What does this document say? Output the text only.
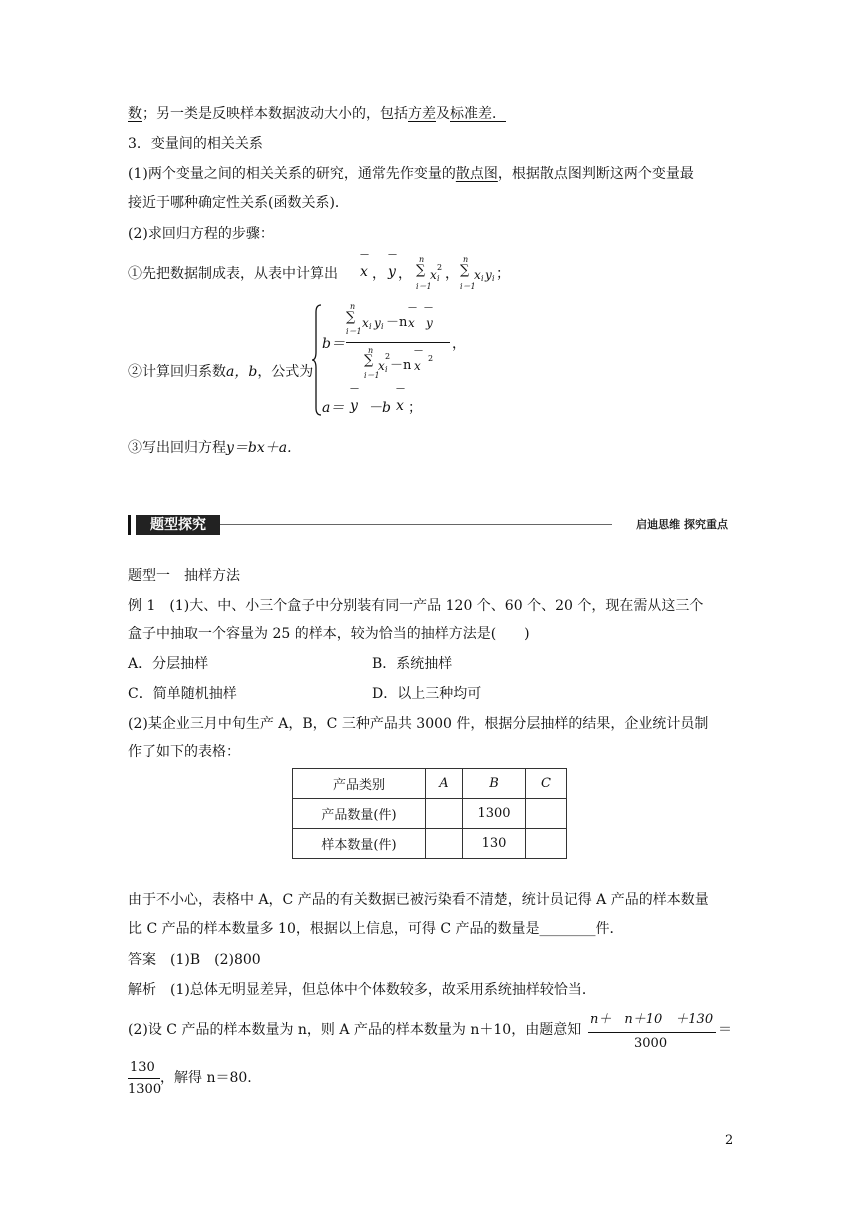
数；另一类是反映样本数据波动大小的，包括方差及标准差．
3．变量间的相关关系
(1)两个变量之间的相关关系的研究，通常先作变量的散点图，根据散点图判断这两个变量最
接近于哪种确定性关系(函数关系)．
(2)求回归方程的步骤：
①先把数据制成表，从表中计算出
—
x ，
—
y ，
n
∑
i＝1
x
2
i ，
n
∑
i＝1
x i y i ；
②计算回归系数a，b，公式为
b＝
n
∑
i＝1
x i y i －n
—
x
—
y
n
∑
i＝1
x
2
i －n
—
x
2
，
a＝
—
y －b
—
x ；
③写出回归方程y＝bx＋a.
题型探究	启迪思维 探究重点
题型一　抽样方法
例 1　(1)大、中、小三个盒子中分别装有同一产品 120 个、60 个、20 个，现在需从这三个
盒子中抽取一个容量为 25 的样本，较为恰当的抽样方法是(　　)
A．分层抽样	B．系统抽样
C．简单随机抽样	D．以上三种均可
(2)某企业三月中旬生产 A，B，C 三种产品共 3000 件，根据分层抽样的结果，企业统计员制
作了如下的表格：
产品类别	A	B	C
产品数量(件)		1300	
样本数量(件)		130	
由于不小心，表格中 A，C 产品的有关数据已被污染看不清楚，统计员记得 A 产品的样本数量
比 C 产品的样本数量多 10，根据以上信息，可得 C 产品的数量是________件．
答案　(1)B　(2)800
解析　(1)总体无明显差异，但总体中个体数较多，故采用系统抽样较恰当．
(2)设 C 产品的样本数量为 n，则 A 产品的样本数量为 n＋10，由题意知
n＋　n＋10　＋130
3000
＝
130
1300
，解得 n＝80.
2
